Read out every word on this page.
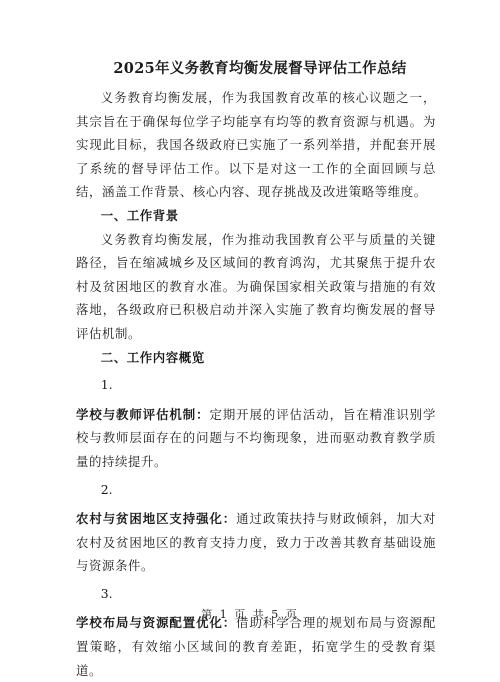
2025年义务教育均衡发展督导评估工作总结

义务教育均衡发展，作为我国教育改革的核心议题之一，其宗旨在于确保每位学子均能享有均等的教育资源与机遇。为实现此目标，我国各级政府已实施了一系列举措，并配套开展了系统的督导评估工作。以下是对这一工作的全面回顾与总结，涵盖工作背景、核心内容、现存挑战及改进策略等维度。

一、工作背景

义务教育均衡发展，作为推动我国教育公平与质量的关键路径，旨在缩减城乡及区域间的教育鸿沟，尤其聚焦于提升农村及贫困地区的教育水准。为确保国家相关政策与措施的有效落地，各级政府已积极启动并深入实施了教育均衡发展的督导评估机制。

二、工作内容概览
1.

学校与教师评估机制：定期开展的评估活动，旨在精准识别学校与教师层面存在的问题与不均衡现象，进而驱动教育教学质量的持续提升。

2.

农村与贫困地区支持强化：通过政策扶持与财政倾斜，加大对农村及贫困地区的教育支持力度，致力于改善其教育基础设施与资源条件。

3.

学校布局与资源配置优化：借助科学合理的规划布局与资源配置策略，有效缩小区域间的教育差距，拓宽学生的受教育渠道。

第 1 页 共 5 页
